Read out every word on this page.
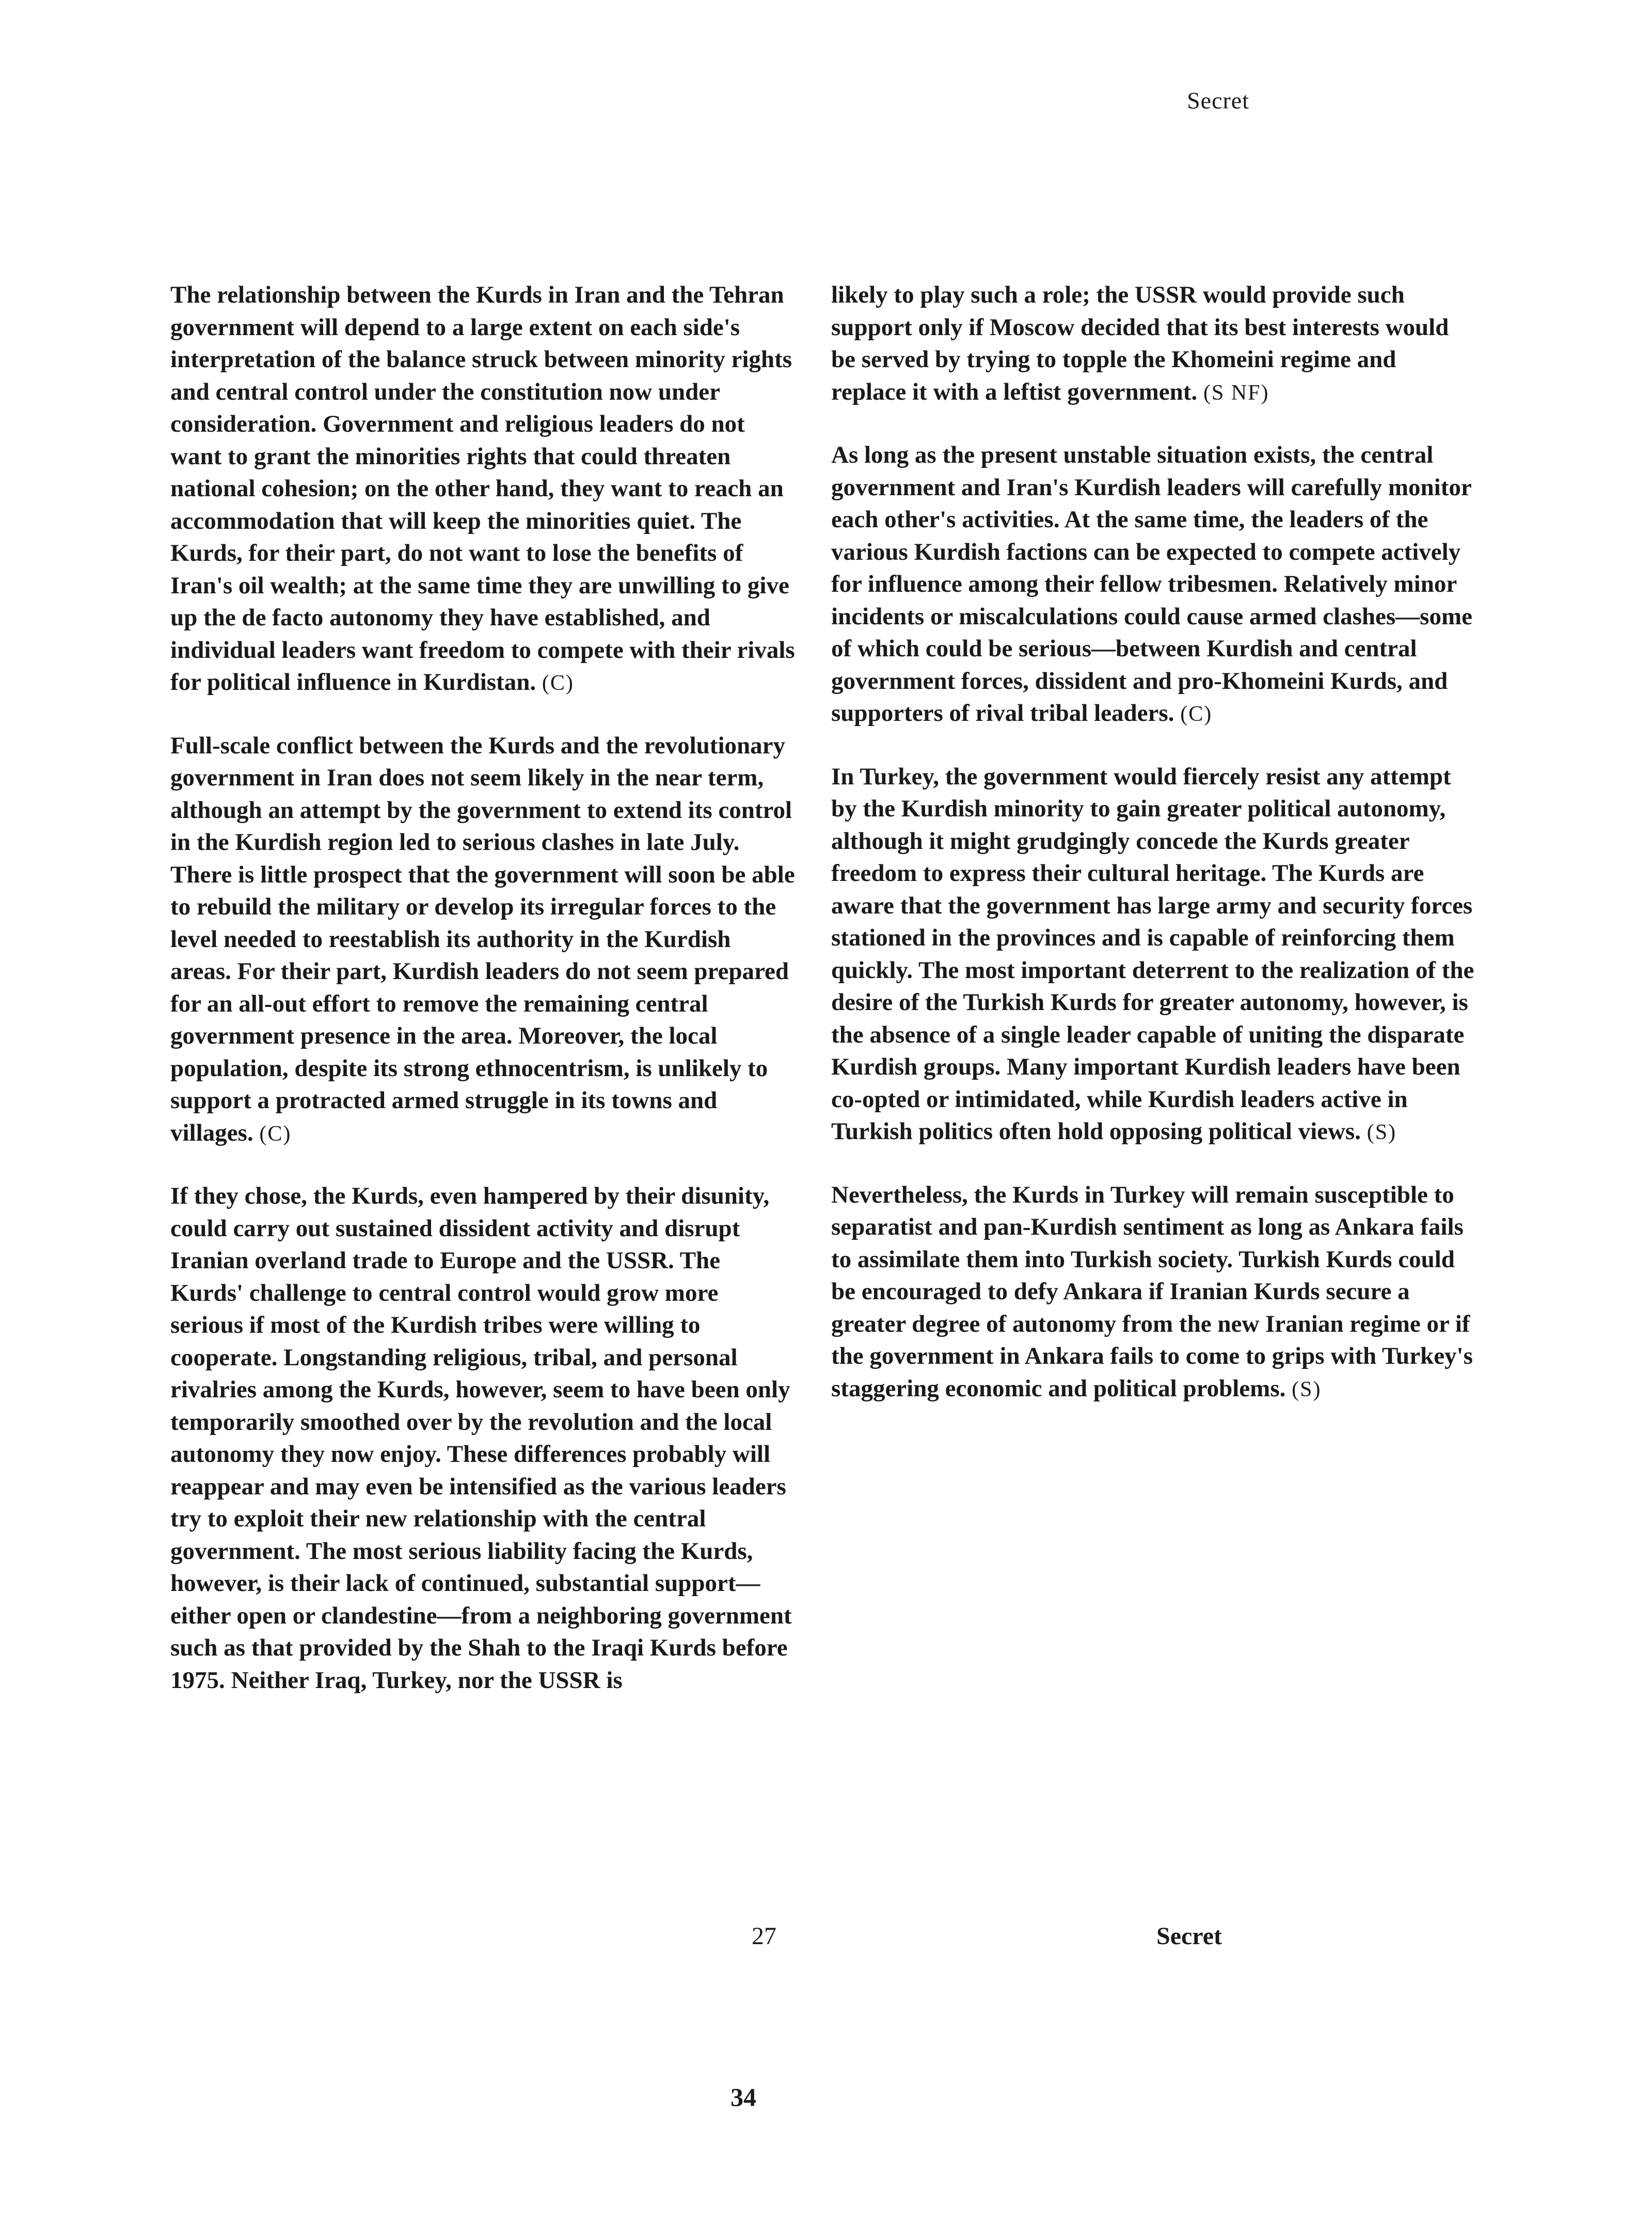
Secret

The relationship between the Kurds in Iran and the Tehran government will depend to a large extent on each side's interpretation of the balance struck between minority rights and central control under the constitution now under consideration. Government and religious leaders do not want to grant the minorities rights that could threaten national cohesion; on the other hand, they want to reach an accommodation that will keep the minorities quiet. The Kurds, for their part, do not want to lose the benefits of Iran's oil wealth; at the same time they are unwilling to give up the de facto autonomy they have established, and individual leaders want freedom to compete with their rivals for political influence in Kurdistan. (C)

Full-scale conflict between the Kurds and the revolutionary government in Iran does not seem likely in the near term, although an attempt by the government to extend its control in the Kurdish region led to serious clashes in late July. There is little prospect that the government will soon be able to rebuild the military or develop its irregular forces to the level needed to reestablish its authority in the Kurdish areas. For their part, Kurdish leaders do not seem prepared for an all-out effort to remove the remaining central government presence in the area. Moreover, the local population, despite its strong ethnocentrism, is unlikely to support a protracted armed struggle in its towns and villages. (C)

If they chose, the Kurds, even hampered by their disunity, could carry out sustained dissident activity and disrupt Iranian overland trade to Europe and the USSR. The Kurds' challenge to central control would grow more serious if most of the Kurdish tribes were willing to cooperate. Longstanding religious, tribal, and personal rivalries among the Kurds, however, seem to have been only temporarily smoothed over by the revolution and the local autonomy they now enjoy. These differences probably will reappear and may even be intensified as the various leaders try to exploit their new relationship with the central government. The most serious liability facing the Kurds, however, is their lack of continued, substantial support—either open or clandestine—from a neighboring government such as that provided by the Shah to the Iraqi Kurds before 1975. Neither Iraq, Turkey, nor the USSR is

likely to play such a role; the USSR would provide such support only if Moscow decided that its best interests would be served by trying to topple the Khomeini regime and replace it with a leftist government. (S NF)

As long as the present unstable situation exists, the central government and Iran's Kurdish leaders will carefully monitor each other's activities. At the same time, the leaders of the various Kurdish factions can be expected to compete actively for influence among their fellow tribesmen. Relatively minor incidents or miscalculations could cause armed clashes—some of which could be serious—between Kurdish and central government forces, dissident and pro-Khomeini Kurds, and supporters of rival tribal leaders. (C)

In Turkey, the government would fiercely resist any attempt by the Kurdish minority to gain greater political autonomy, although it might grudgingly concede the Kurds greater freedom to express their cultural heritage. The Kurds are aware that the government has large army and security forces stationed in the provinces and is capable of reinforcing them quickly. The most important deterrent to the realization of the desire of the Turkish Kurds for greater autonomy, however, is the absence of a single leader capable of uniting the disparate Kurdish groups. Many important Kurdish leaders have been co-opted or intimidated, while Kurdish leaders active in Turkish politics often hold opposing political views. (S)

Nevertheless, the Kurds in Turkey will remain susceptible to separatist and pan-Kurdish sentiment as long as Ankara fails to assimilate them into Turkish society. Turkish Kurds could be encouraged to defy Ankara if Iranian Kurds secure a greater degree of autonomy from the new Iranian regime or if the government in Ankara fails to come to grips with Turkey's staggering economic and political problems. (S)

27	Secret
34
